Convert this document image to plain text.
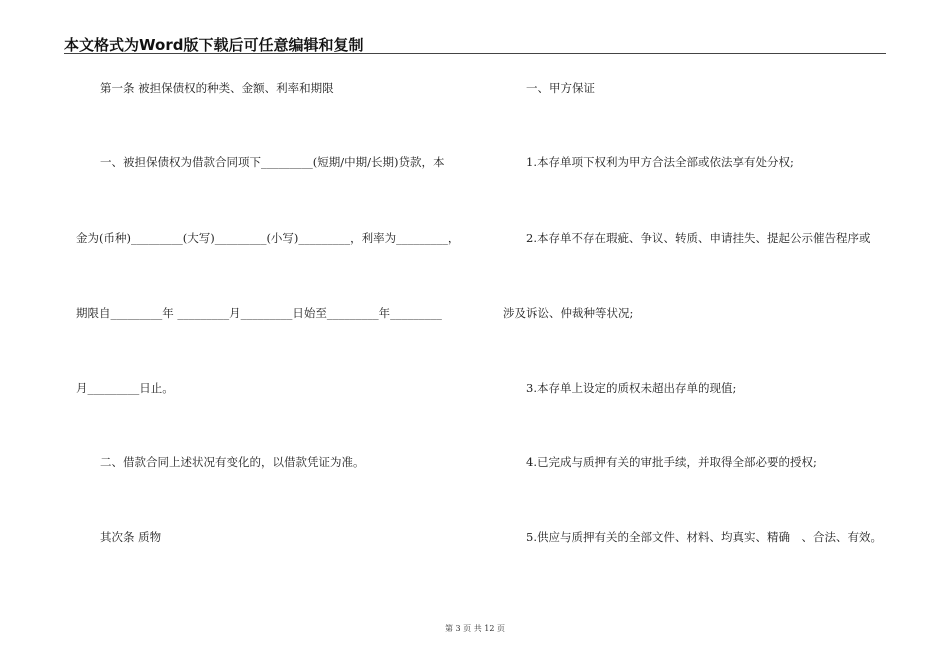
本文格式为Word版下载后可任意编辑和复制
第一条 被担保债权的种类、金额、利率和期限
一、被担保债权为借款合同项下_________(短期/中期/长期)贷款，本
金为(币种)_________(大写)_________(小写)_________，利率为_________，
期限自_________年 _________月_________日始至_________年_________
月_________日止。
二、借款合同上述状况有变化的，以借款凭证为准。
其次条 质物
一、甲方保证
1.本存单项下权利为甲方合法全部或依法享有处分权;
2.本存单不存在瑕疵、争议、转质、申请挂失、提起公示催告程序或
涉及诉讼、仲裁种等状况;
3.本存单上设定的质权未超出存单的现值;
4.已完成与质押有关的审批手续，并取得全部必要的授权;
5.供应与质押有关的全部文件、材料、均真实、精确　、合法、有效。
第 3 页 共 12 页
